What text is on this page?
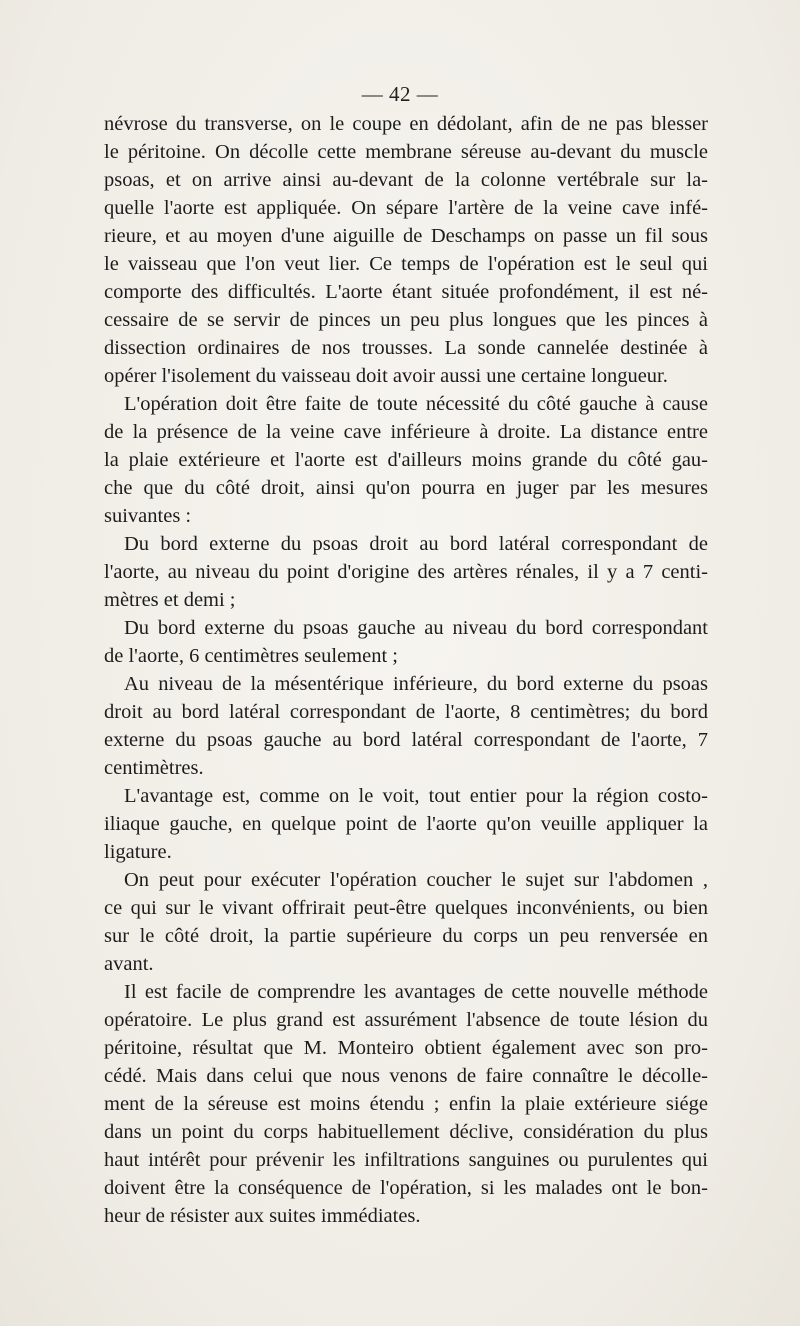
— 42 —
névrose du transverse, on le coupe en dédolant, afin de ne pas blesser
le péritoine. On décolle cette membrane séreuse au-devant du muscle
psoas, et on arrive ainsi au-devant de la colonne vertébrale sur la-
quelle l'aorte est appliquée. On sépare l'artère de la veine cave infé-
rieure, et au moyen d'une aiguille de Deschamps on passe un fil sous
le vaisseau que l'on veut lier. Ce temps de l'opération est le seul qui
comporte des difficultés. L'aorte étant située profondément, il est né-
cessaire de se servir de pinces un peu plus longues que les pinces à
dissection ordinaires de nos trousses. La sonde cannelée destinée à
opérer l'isolement du vaisseau doit avoir aussi une certaine longueur.
L'opération doit être faite de toute nécessité du côté gauche à cause
de la présence de la veine cave inférieure à droite. La distance entre
la plaie extérieure et l'aorte est d'ailleurs moins grande du côté gau-
che que du côté droit, ainsi qu'on pourra en juger par les mesures
suivantes :
Du bord externe du psoas droit au bord latéral correspondant de
l'aorte, au niveau du point d'origine des artères rénales, il y a 7 centi-
mètres et demi ;
Du bord externe du psoas gauche au niveau du bord correspondant
de l'aorte, 6 centimètres seulement ;
Au niveau de la mésentérique inférieure, du bord externe du psoas
droit au bord latéral correspondant de l'aorte, 8 centimètres; du bord
externe du psoas gauche au bord latéral correspondant de l'aorte, 7
centimètres.
L'avantage est, comme on le voit, tout entier pour la région costo-
iliaque gauche, en quelque point de l'aorte qu'on veuille appliquer la
ligature.
On peut pour exécuter l'opération coucher le sujet sur l'abdomen ,
ce qui sur le vivant offrirait peut-être quelques inconvénients, ou bien
sur le côté droit, la partie supérieure du corps un peu renversée en
avant.
Il est facile de comprendre les avantages de cette nouvelle méthode
opératoire. Le plus grand est assurément l'absence de toute lésion du
péritoine, résultat que M. Monteiro obtient également avec son pro-
cédé. Mais dans celui que nous venons de faire connaître le décolle-
ment de la séreuse est moins étendu ; enfin la plaie extérieure siége
dans un point du corps habituellement déclive, considération du plus
haut intérêt pour prévenir les infiltrations sanguines ou purulentes qui
doivent être la conséquence de l'opération, si les malades ont le bon-
heur de résister aux suites immédiates.
